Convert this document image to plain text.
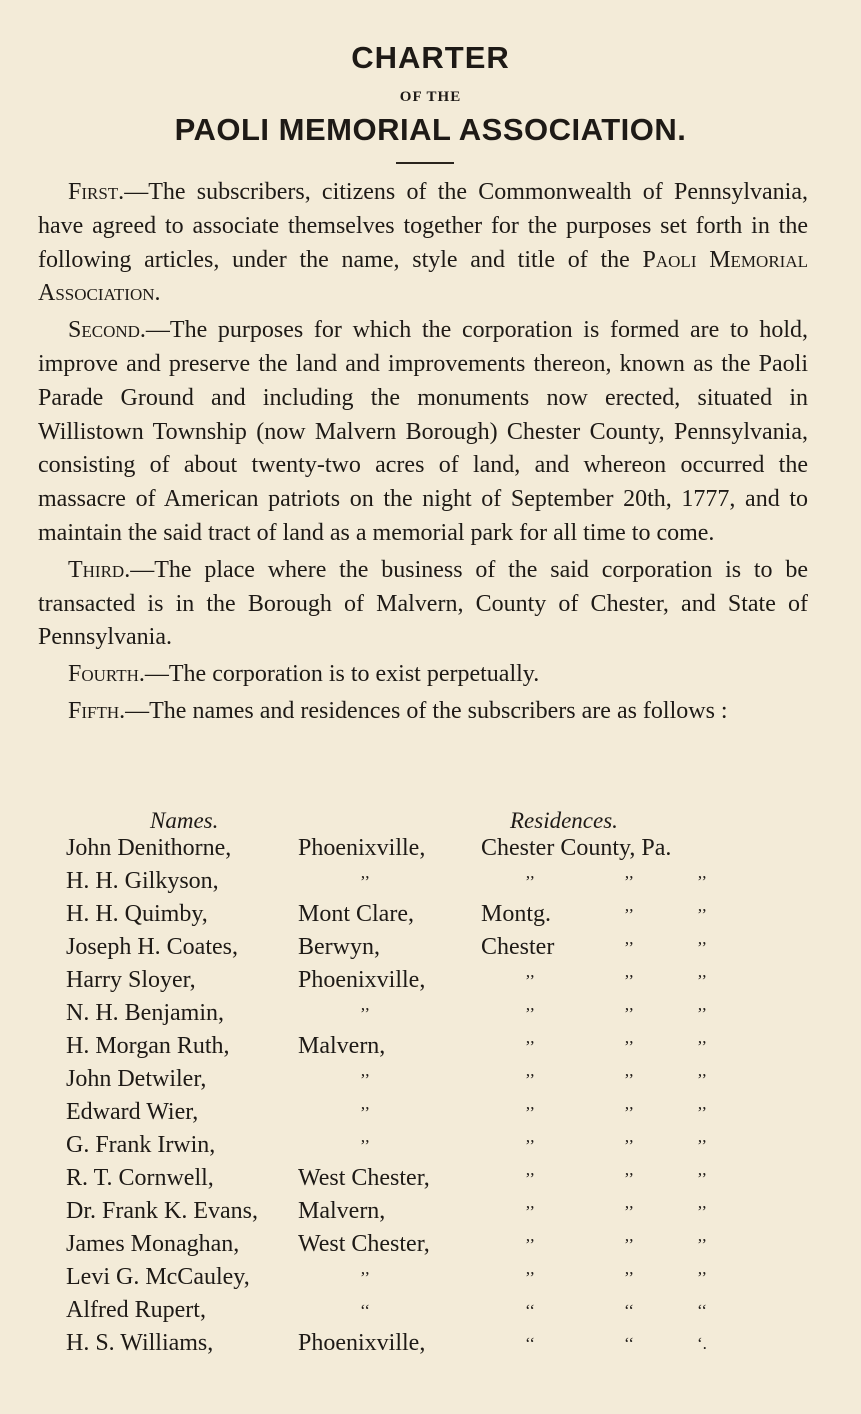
CHARTER
OF THE
PAOLI MEMORIAL ASSOCIATION.

First.—The subscribers, citizens of the Commonwealth of Pennsylvania, have agreed to associate themselves together for the purposes set forth in the following articles, under the name, style and title of the Paoli Memorial Association.

Second.—The purposes for which the corporation is formed are to hold, improve and preserve the land and improvements thereon, known as the Paoli Parade Ground and including the monuments now erected, situated in Willistown Township (now Malvern Borough) Chester County, Pennsylvania, consisting of about twenty-two acres of land, and whereon occurred the massacre of American patriots on the night of September 20th, 1777, and to maintain the said tract of land as a memorial park for all time to come.

Third.—The place where the business of the said corporation is to be transacted is in the Borough of Malvern, County of Chester, and State of Pennsylvania.

Fourth.—The corporation is to exist perpetually.

Fifth.—The names and residences of the subscribers are as follows :

Names.	Residences.
John Denithorne,	Phoenixville, Chester County, Pa.
H. H. Gilkyson,	’’	’’	’’	’’
H. H. Quimby,	Mont Clare,	Montg.	’’	’’
Joseph H. Coates,	Berwyn,	Chester	’’	’’
Harry Sloyer,	Phoenixville,	’’	’’	’’
N. H. Benjamin,	’’	’’	’’	’’
H. Morgan Ruth,	Malvern,	’’	’’	’’
John Detwiler,	’’	’’	’’	’’
Edward Wier,	’’	’’	’’	’’
G. Frank Irwin,	’’	’’	’’	’’
R. T. Cornwell,	West Chester,	’’	’’	’’
Dr. Frank K. Evans, Malvern,	’’	’’	’’
James Monaghan, West Chester,	’’	’’	’’
Levi G. McCauley,	’’	’’	’’	’’
Alfred Rupert,	‘‘	‘‘	‘‘	‘‘
H. S. Williams,	Phoenixville,	‘‘	‘‘	‘.
